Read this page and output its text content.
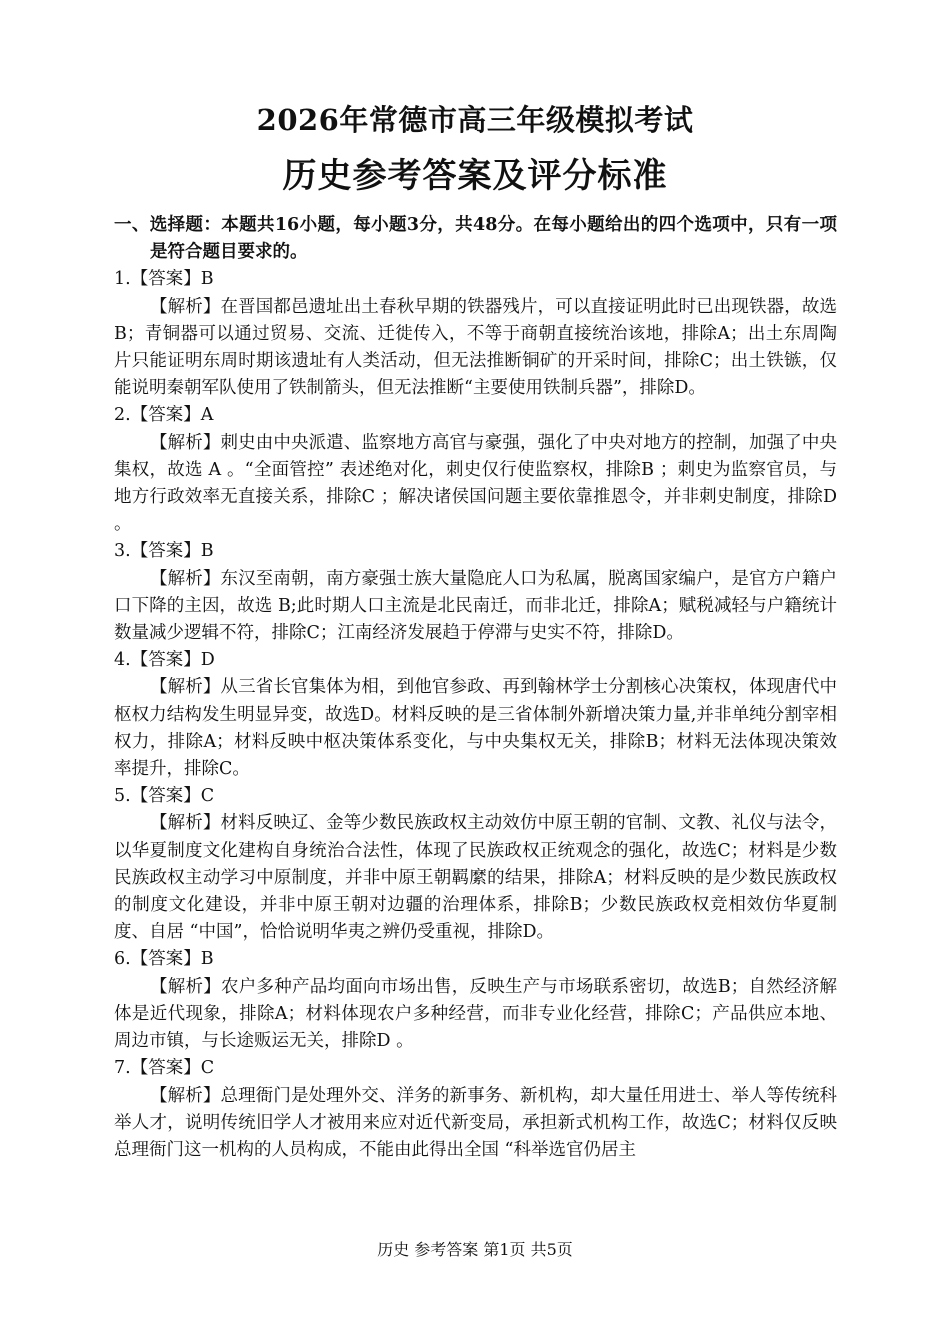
2026年常德市高三年级模拟考试
历史参考答案及评分标准
一、选择题：本题共16小题，每小题3分，共48分。在每小题给出的四个选项中，只有一项是符合题目要求的。
1.【答案】B
【解析】在晋国都邑遗址出土春秋早期的铁器残片，可以直接证明此时已出现铁器，故选B；青铜器可以通过贸易、交流、迁徙传入，不等于商朝直接统治该地，排除A；出土东周陶片只能证明东周时期该遗址有人类活动，但无法推断铜矿的开采时间，排除C；出土铁镞，仅能说明秦朝军队使用了铁制箭头，但无法推断“主要使用铁制兵器”，排除D。
2.【答案】A
【解析】刺史由中央派遣、监察地方高官与豪强，强化了中央对地方的控制，加强了中央集权，故选 A 。“全面管控” 表述绝对化，刺史仅行使监察权，排除B ；刺史为监察官员，与地方行政效率无直接关系，排除C ；解决诸侯国问题主要依靠推恩令，并非刺史制度，排除D 。
3.【答案】B
【解析】东汉至南朝，南方豪强士族大量隐庇人口为私属，脱离国家编户，是官方户籍户口下降的主因，故选 B;此时期人口主流是北民南迁，而非北迁，排除A；赋税减轻与户籍统计数量减少逻辑不符，排除C；江南经济发展趋于停滞与史实不符，排除D。
4.【答案】D
【解析】从三省长官集体为相，到他官参政、再到翰林学士分割核心决策权，体现唐代中枢权力结构发生明显异变，故选D。材料反映的是三省体制外新增决策力量,并非单纯分割宰相权力，排除A；材料反映中枢决策体系变化，与中央集权无关，排除B；材料无法体现决策效率提升，排除C。
5.【答案】C
【解析】材料反映辽、金等少数民族政权主动效仿中原王朝的官制、文教、礼仪与法令，以华夏制度文化建构自身统治合法性，体现了民族政权正统观念的强化，故选C；材料是少数民族政权主动学习中原制度，并非中原王朝羁縻的结果，排除A；材料反映的是少数民族政权的制度文化建设，并非中原王朝对边疆的治理体系，排除B；少数民族政权竞相效仿华夏制度、自居 “中国”，恰恰说明华夷之辨仍受重视，排除D。
6.【答案】B
【解析】农户多种产品均面向市场出售，反映生产与市场联系密切，故选B；自然经济解体是近代现象，排除A；材料体现农户多种经营，而非专业化经营，排除C；产品供应本地、周边市镇，与长途贩运无关，排除D 。
7.【答案】C
【解析】总理衙门是处理外交、洋务的新事务、新机构，却大量任用进士、举人等传统科举人才，说明传统旧学人才被用来应对近代新变局，承担新式机构工作，故选C；材料仅反映总理衙门这一机构的人员构成，不能由此得出全国 “科举选官仍居主
历史 参考答案 第1页 共5页
